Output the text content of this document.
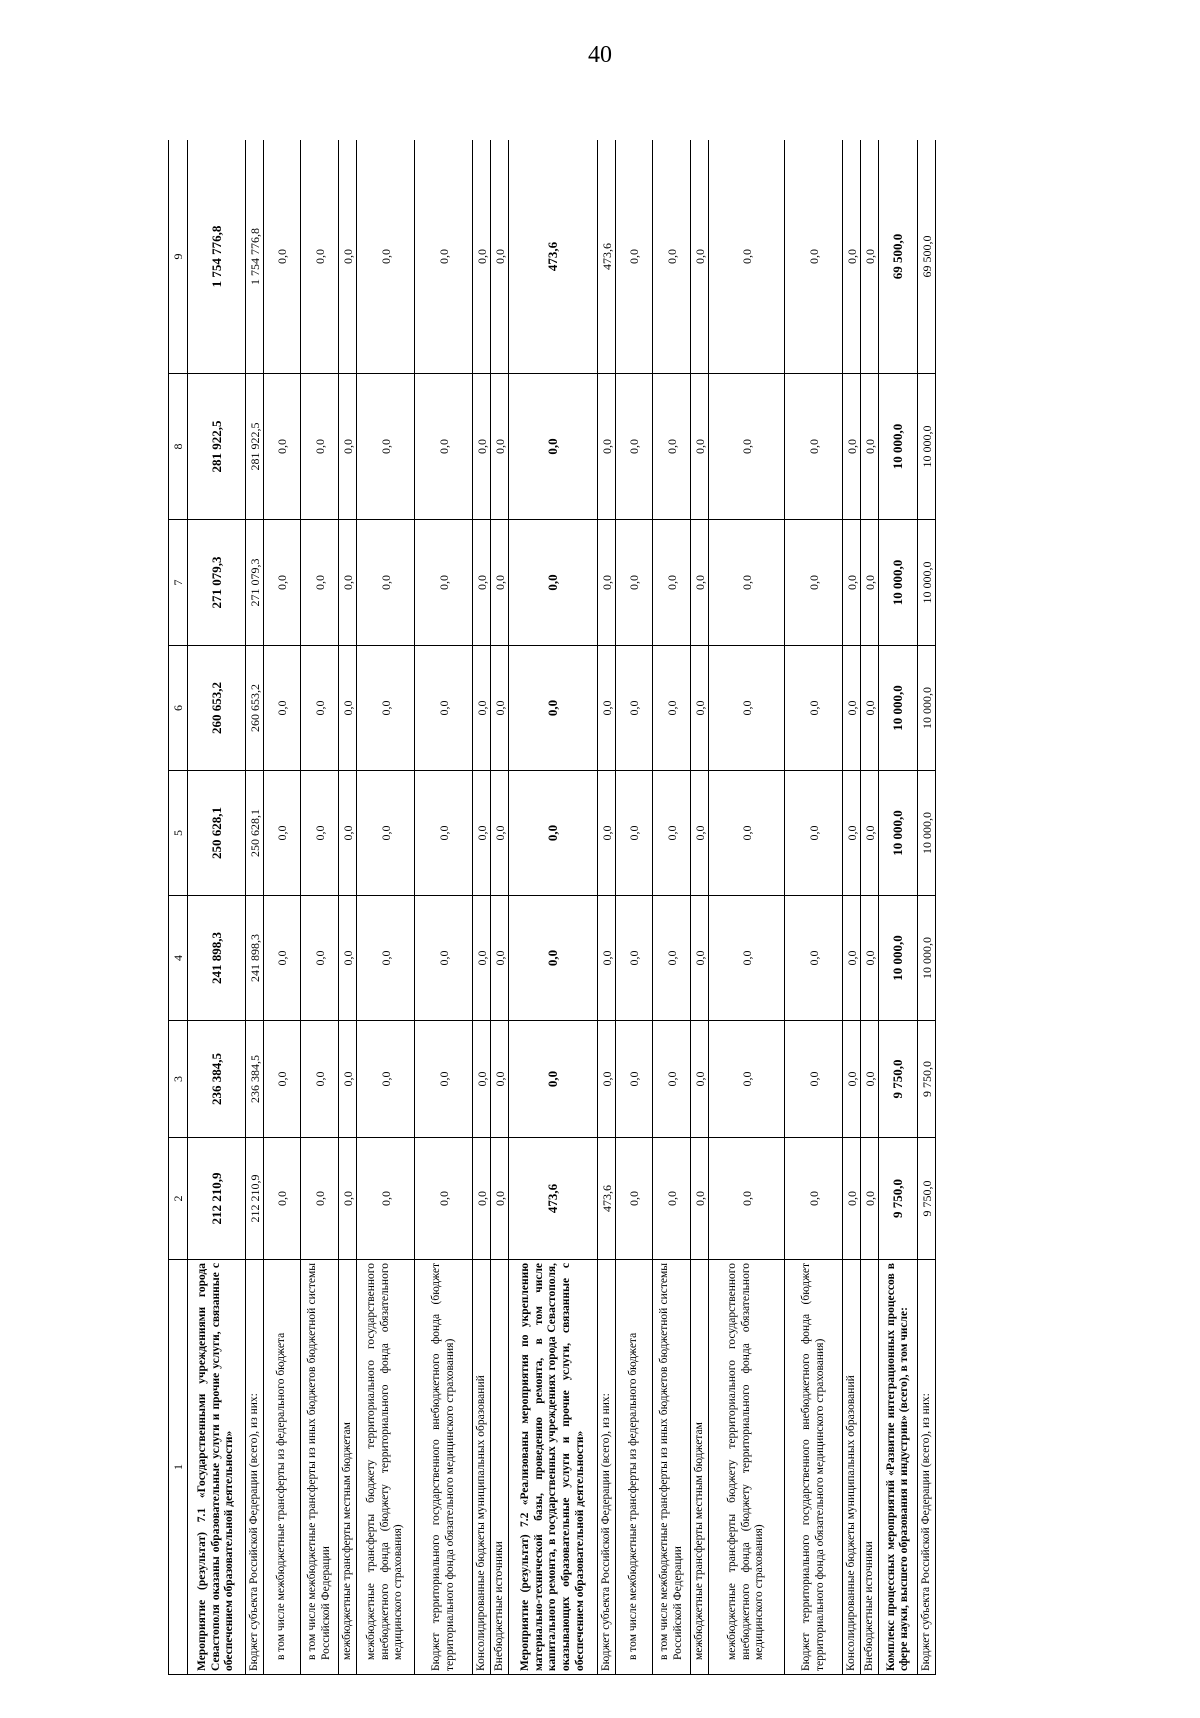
40
1	2	3	4	5	6	7	8	9
Мероприятие (результат) 7.1 «Государственными учреждениями города Севастополя оказаны образовательные услуги и прочие услуги, связанные с обеспечением образовательной деятельности»	212 210,9	236 384,5	241 898,3	250 628,1	260 653,2	271 079,3	281 922,5	1 754 776,8
Бюджет субъекта Российской Федерации (всего), из них:	212 210,9	236 384,5	241 898,3	250 628,1	260 653,2	271 079,3	281 922,5	1 754 776,8
в том числе межбюджетные трансферты из федерального бюджета	0,0	0,0	0,0	0,0	0,0	0,0	0,0	0,0
в том числе межбюджетные трансферты из иных бюджетов бюджетной системы Российской Федерации	0,0	0,0	0,0	0,0	0,0	0,0	0,0	0,0
межбюджетные трансферты местным бюджетам	0,0	0,0	0,0	0,0	0,0	0,0	0,0	0,0
межбюджетные трансферты бюджету территориального государственного внебюджетного фонда (бюджету территориального фонда обязательного медицинского страхования)	0,0	0,0	0,0	0,0	0,0	0,0	0,0	0,0
Бюджет территориального государственного внебюджетного фонда (бюджет территориального фонда обязательного медицинского страхования)	0,0	0,0	0,0	0,0	0,0	0,0	0,0	0,0
Консолидированные бюджеты муниципальных образований	0,0	0,0	0,0	0,0	0,0	0,0	0,0	0,0
Внебюджетные источники	0,0	0,0	0,0	0,0	0,0	0,0	0,0	0,0
Мероприятие (результат) 7.2 «Реализованы мероприятия по укреплению материально-технической базы, проведению ремонта, в том числе капитального ремонта, в государственных учреждениях города Севастополя, оказывающих образовательные услуги и прочие услуги, связанные с обеспечением образовательной деятельности»	473,6	0,0	0,0	0,0	0,0	0,0	0,0	473,6
Бюджет субъекта Российской Федерации (всего), из них:	473,6	0,0	0,0	0,0	0,0	0,0	0,0	473,6
в том числе межбюджетные трансферты из федерального бюджета	0,0	0,0	0,0	0,0	0,0	0,0	0,0	0,0
в том числе межбюджетные трансферты из иных бюджетов бюджетной системы Российской Федерации	0,0	0,0	0,0	0,0	0,0	0,0	0,0	0,0
межбюджетные трансферты местным бюджетам	0,0	0,0	0,0	0,0	0,0	0,0	0,0	0,0
межбюджетные трансферты бюджету территориального государственного внебюджетного фонда (бюджету территориального фонда обязательного медицинского страхования)	0,0	0,0	0,0	0,0	0,0	0,0	0,0	0,0
Бюджет территориального государственного внебюджетного фонда (бюджет территориального фонда обязательного медицинского страхования)	0,0	0,0	0,0	0,0	0,0	0,0	0,0	0,0
Консолидированные бюджеты муниципальных образований	0,0	0,0	0,0	0,0	0,0	0,0	0,0	0,0
Внебюджетные источники	0,0	0,0	0,0	0,0	0,0	0,0	0,0	0,0
Комплекс процессных мероприятий «Развитие интеграционных процессов в сфере науки, высшего образования и индустрии» (всего), в том числе:	9 750,0	9 750,0	10 000,0	10 000,0	10 000,0	10 000,0	10 000,0	69 500,0
Бюджет субъекта Российской Федерации (всего), из них:	9 750,0	9 750,0	10 000,0	10 000,0	10 000,0	10 000,0	10 000,0	69 500,0
